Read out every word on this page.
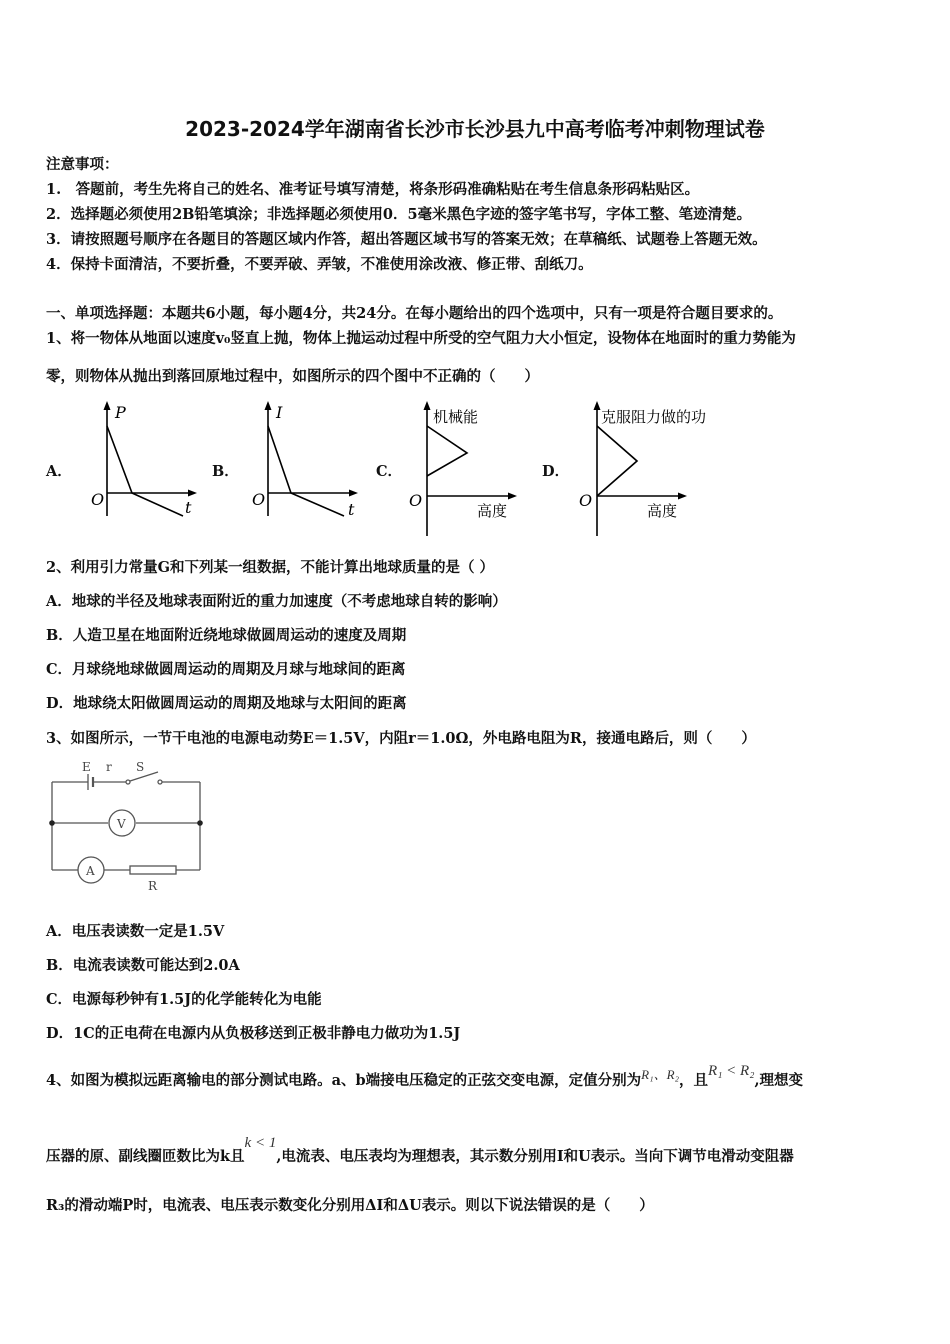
2023-2024学年湖南省长沙市长沙县九中高考临考冲刺物理试卷
注意事项：
1.　答题前，考生先将自己的姓名、准考证号填写清楚，将条形码准确粘贴在考生信息条形码粘贴区。
2．选择题必须使用2B铅笔填涂；非选择题必须使用0．5毫米黑色字迹的签字笔书写，字体工整、笔迹清楚。
3．请按照题号顺序在各题目的答题区域内作答，超出答题区域书写的答案无效；在草稿纸、试题卷上答题无效。
4．保持卡面清洁，不要折叠，不要弄破、弄皱，不准使用涂改液、修正带、刮纸刀。
一、单项选择题：本题共6小题，每小题4分，共24分。在每小题给出的四个选项中，只有一项是符合题目要求的。
1、将一物体从地面以速度v₀竖直上抛，物体上抛运动过程中所受的空气阻力大小恒定，设物体在地面时的重力势能为
零，则物体从抛出到落回原地过程中，如图所示的四个图中不正确的（　　）
A．
P
O	t
B．
I
O
t
C．
机械能
O
高度
D．
克服阻力做的功
O
高度
2、利用引力常量G和下列某一组数据，不能计算出地球质量的是（ ）
A．地球的半径及地球表面附近的重力加速度（不考虑地球自转的影响）
B．人造卫星在地面附近绕地球做圆周运动的速度及周期
C．月球绕地球做圆周运动的周期及月球与地球间的距离
D．地球绕太阳做圆周运动的周期及地球与太阳间的距离
3、如图所示，一节干电池的电源电动势E＝1.5V，内阻r＝1.0Ω，外电路电阻为R，接通电路后，则（　　）
E r S
V
A
R
A．电压表读数一定是1.5V
B．电流表读数可能达到2.0A
C．电源每秒钟有1.5J的化学能转化为电能
D．1C的正电荷在电源内从负极移送到正极非静电力做功为1.5J
4、如图为模拟远距离输电的部分测试电路。a、b端接电压稳定的正弦交变电源，定值分别为R₁、R₂，且R₁ < R₂,理想变
压器的原、副线圈匝数比为k且k < 1,电流表、电压表均为理想表，其示数分别用I和U表示。当向下调节电滑动变阻器
R₃的滑动端P时，电流表、电压表示数变化分别用ΔI和ΔU表示。则以下说法错误的是（　　）
